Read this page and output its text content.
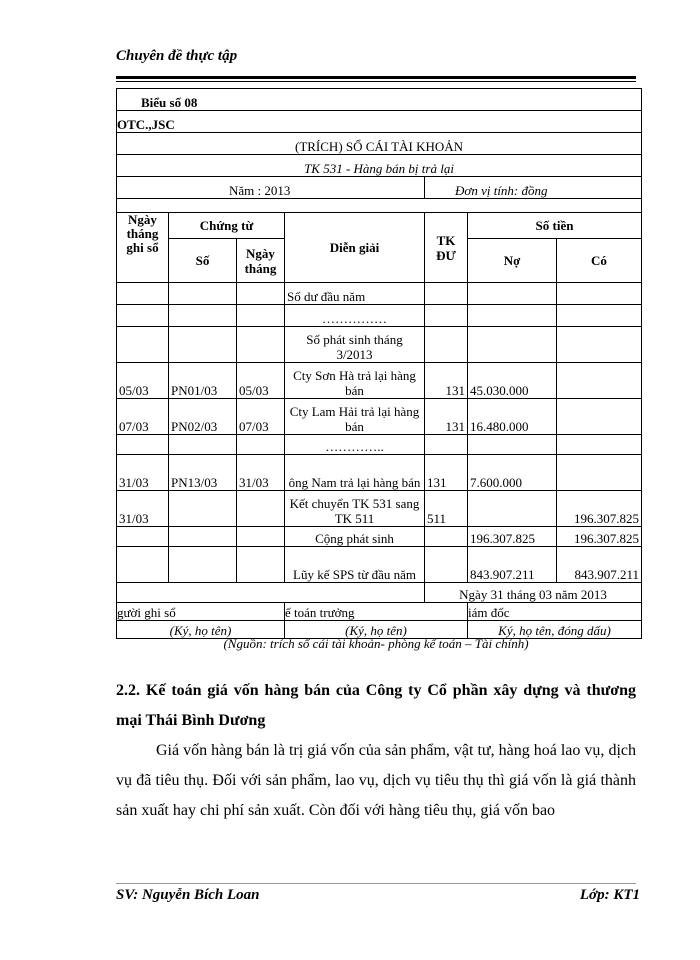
Chuyên đề thực tập
Biểu số 08						
OTC.,JSC						
(TRÍCH) SỔ CÁI TÀI KHOẢN						
TK 531 - Hàng bán bị trả lại						
Năm : 2013				Đơn vị tính: đồng		

Ngày tháng ghi sổ	Chứng từ		Diễn giải	TK ĐƯ	Số tiền	
	Số	Ngày tháng			Nợ	Có
			Số dư đầu năm			
			……………			
			Số phát sinh tháng 3/2013			
05/03	PN01/03	05/03	Cty Sơn Hà trả lại hàng bán	131	45.030.000	
07/03	PN02/03	07/03	Cty Lam Hải trả lại hàng bán	131	16.480.000	
			…………..			
31/03	PN13/03	31/03	ông Nam trả lại hàng bán	131	7.600.000	
31/03			Kết chuyển TK 531 sang TK 511	511		196.307.825
			Cộng phát sinh		196.307.825	196.307.825
			Lũy kế SPS từ đầu năm		843.907.211	843.907.211
				Ngày 31 tháng 03 năm 2013		
gười ghi sổ			ế toán trưởng		iám đốc	
(Ký, họ tên)			(Ký, họ tên)		Ký, họ tên, đóng dấu)	
(Nguồn: trích sổ cái tài khoản- phòng kế toán – Tài chính)
2.2. Kế toán giá vốn hàng bán của Công ty Cổ phần xây dựng và thương mại Thái Bình Dương
Giá vốn hàng bán là trị giá vốn của sản phẩm, vật tư, hàng hoá lao vụ, dịch vụ đã tiêu thụ. Đối với sản phẩm, lao vụ, dịch vụ tiêu thụ thì giá vốn là giá thành sản xuất hay chi phí sản xuất. Còn đối với hàng tiêu thụ, giá vốn bao
SV: Nguyễn Bích Loan	Lớp: KT1
